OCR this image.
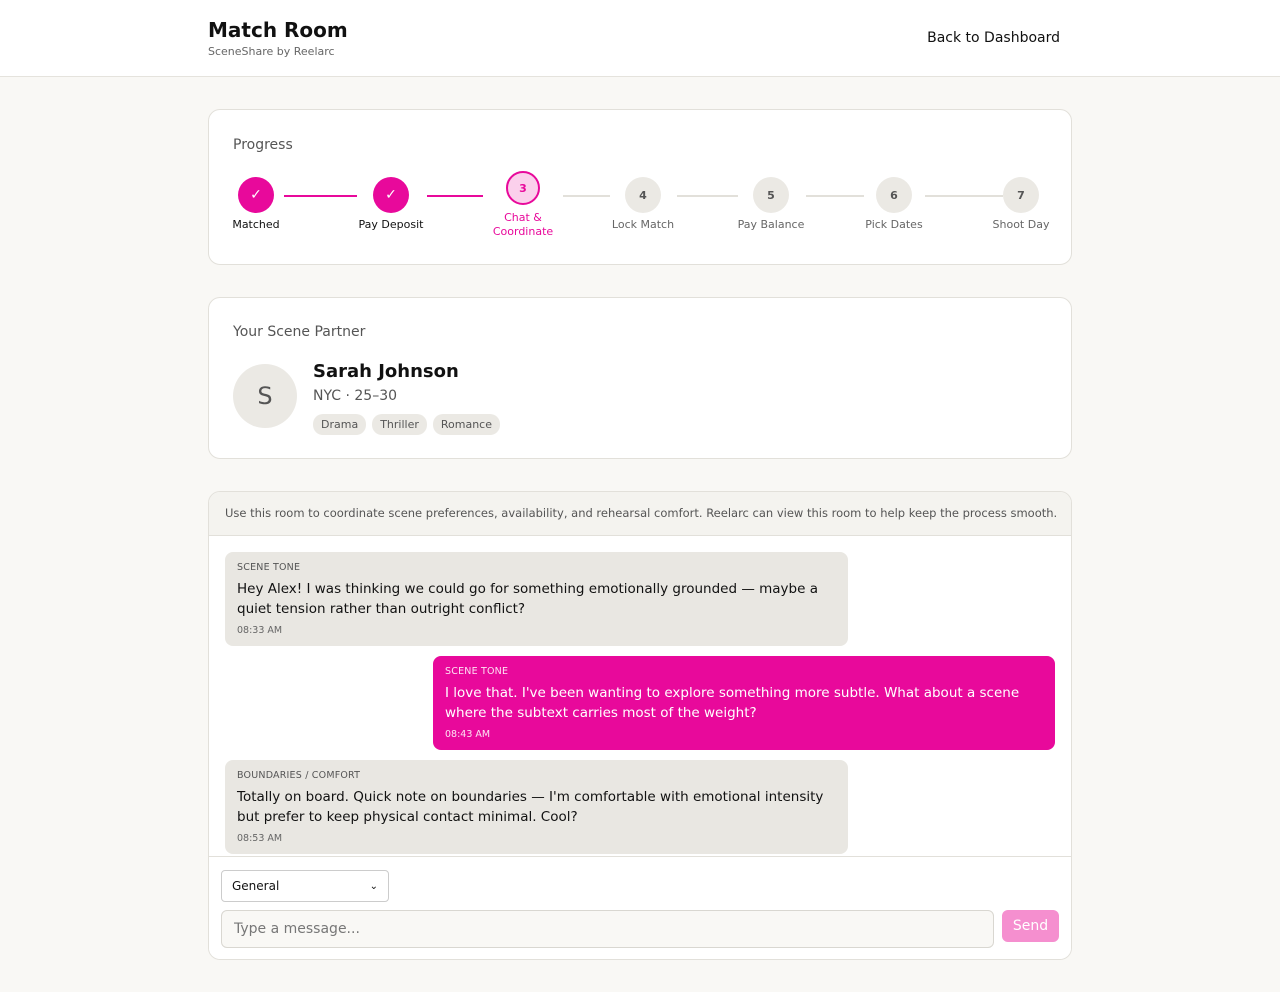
Match Room
SceneShare by Reelarc
Back to Dashboard
Progress
✓
Matched
✓
Pay Deposit
3
Chat & Coordinate
4
Lock Match
5
Pay Balance
6
Pick Dates
7
Shoot Day
Your Scene Partner
S
Sarah Johnson
NYC · 25–30
Drama	Thriller	Romance
Use this room to coordinate scene preferences, availability, and rehearsal comfort. Reelarc can view this room to help keep the process smooth.
SCENE TONE
Hey Alex! I was thinking we could go for something emotionally grounded — maybe a quiet tension rather than outright conflict?
08:33 AM
SCENE TONE
I love that. I've been wanting to explore something more subtle. What about a scene where the subtext carries most of the weight?
08:43 AM
BOUNDARIES / COMFORT
Totally on board. Quick note on boundaries — I'm comfortable with emotional intensity but prefer to keep physical contact minimal. Cool?
08:53 AM
General	⌄
Type a message...
Send
